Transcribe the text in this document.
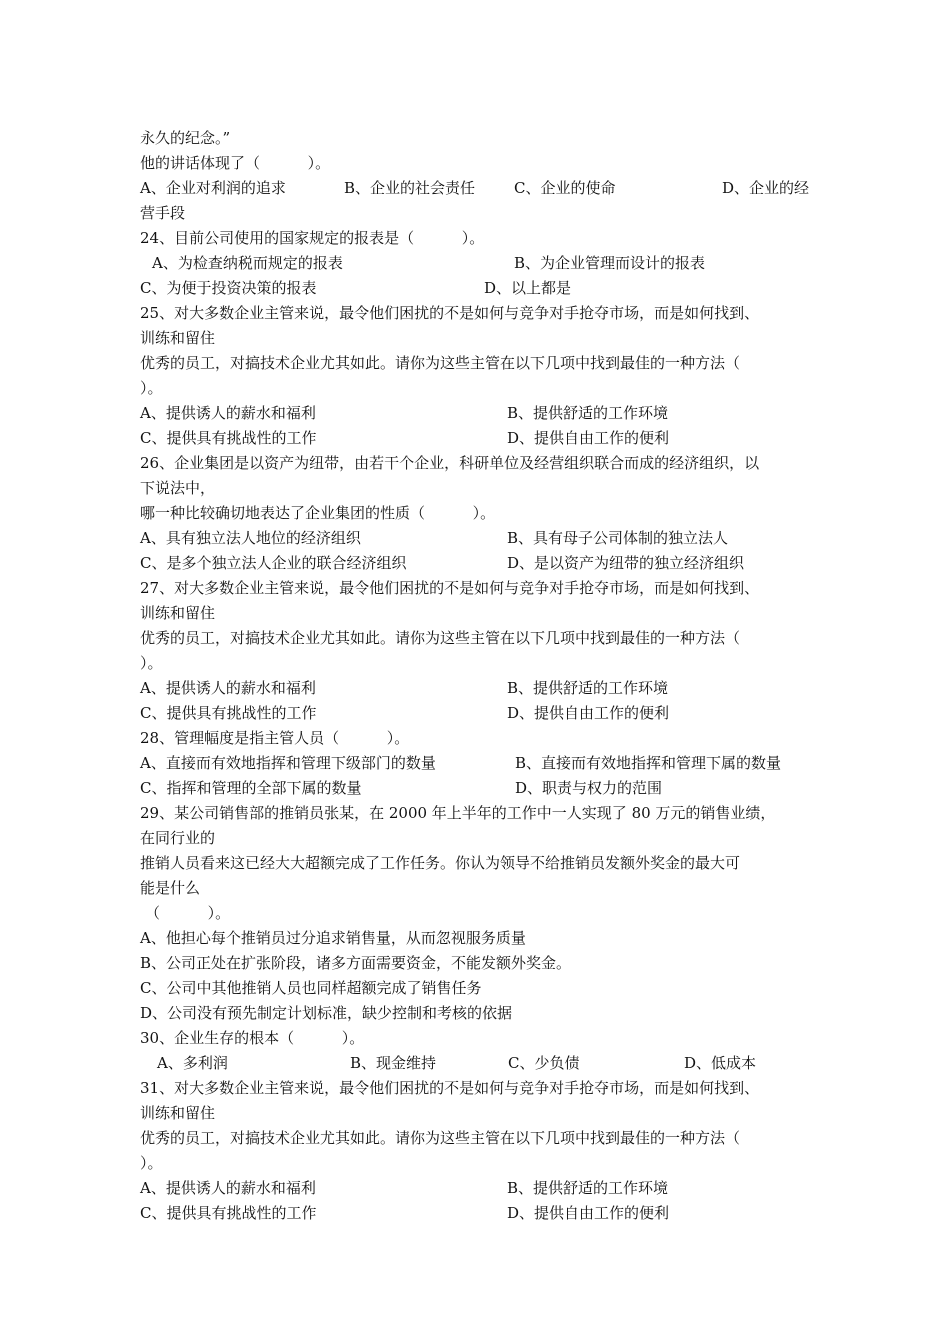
永久的纪念。”
他的讲话体现了（          ）。
A、企业对利润的追求	B、企业的社会责任	C、企业的使命	D、企业的经
营手段
24、目前公司使用的国家规定的报表是（          ）。
A、为检查纳税而规定的报表	B、为企业管理而设计的报表
C、为便于投资决策的报表	D、以上都是
25、对大多数企业主管来说，最令他们困扰的不是如何与竞争对手抢夺市场，而是如何找到、
训练和留住
优秀的员工，对搞技术企业尤其如此。请你为这些主管在以下几项中找到最佳的一种方法（
）。
A、提供诱人的薪水和福利	B、提供舒适的工作环境
C、提供具有挑战性的工作	D、提供自由工作的便利
26、企业集团是以资产为纽带，由若干个企业，科研单位及经营组织联合而成的经济组织，以
下说法中，
哪一种比较确切地表达了企业集团的性质（          ）。
A、具有独立法人地位的经济组织	B、具有母子公司体制的独立法人
C、是多个独立法人企业的联合经济组织	D、是以资产为纽带的独立经济组织
27、对大多数企业主管来说，最令他们困扰的不是如何与竞争对手抢夺市场，而是如何找到、
训练和留住
优秀的员工，对搞技术企业尤其如此。请你为这些主管在以下几项中找到最佳的一种方法（
）。
A、提供诱人的薪水和福利	B、提供舒适的工作环境
C、提供具有挑战性的工作	D、提供自由工作的便利
28、管理幅度是指主管人员（          ）。
A、直接而有效地指挥和管理下级部门的数量	B、直接而有效地指挥和管理下属的数量
C、指挥和管理的全部下属的数量	D、职责与权力的范围
29、某公司销售部的推销员张某，在 2000 年上半年的工作中一人实现了 80 万元的销售业绩，
在同行业的
推销人员看来这已经大大超额完成了工作任务。你认为领导不给推销员发额外奖金的最大可
能是什么
（          ）。
A、他担心每个推销员过分追求销售量，从而忽视服务质量
B、公司正处在扩张阶段，诸多方面需要资金，不能发额外奖金。
C、公司中其他推销人员也同样超额完成了销售任务
D、公司没有预先制定计划标准，缺少控制和考核的依据
30、企业生存的根本（          ）。
A、多利润	B、现金维持	C、少负债	D、低成本
31、对大多数企业主管来说，最令他们困扰的不是如何与竞争对手抢夺市场，而是如何找到、
训练和留住
优秀的员工，对搞技术企业尤其如此。请你为这些主管在以下几项中找到最佳的一种方法（
）。
A、提供诱人的薪水和福利	B、提供舒适的工作环境
C、提供具有挑战性的工作	D、提供自由工作的便利
